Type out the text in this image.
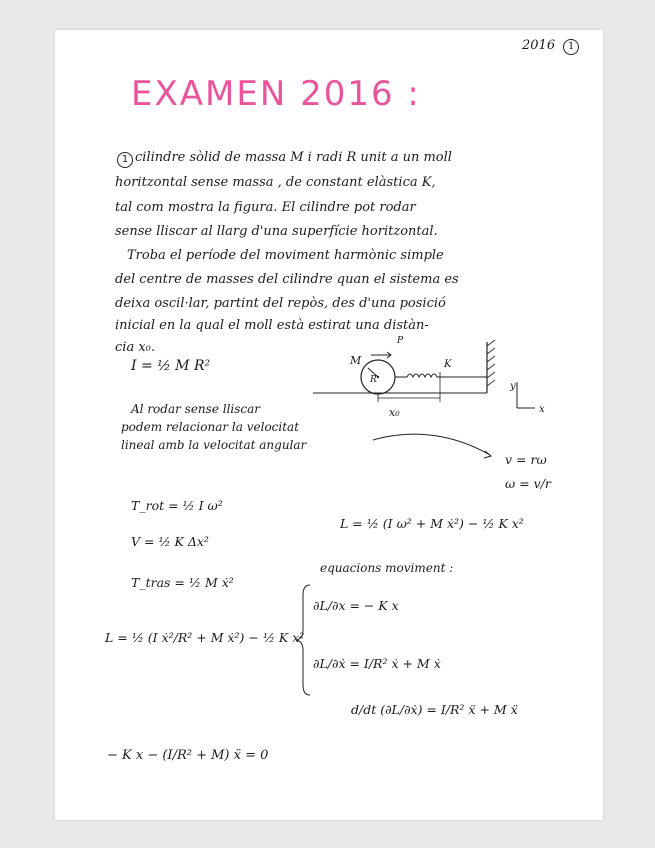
2016 1
EXAMEN 2016 :
1 cilindre sòlid de massa M i radi R unit a un moll
horitzontal sense massa , de constant elàstica K,
tal com mostra la figura. El cilindre pot rodar
sense lliscar al llarg d'una superfície horitzontal.
Troba el període del moviment harmònic simple
del centre de masses del cilindre quan el sistema es
deixa oscil·lar, partint del repòs, des d'una posició
inicial en la qual el moll està estirat una distàn-
cia x₀.
I = ½ M R²	M
R
P
K
x₀
y
x
Al rodar sense lliscar
podem relacionar la velocitat
lineal amb la velocitat angular
v = rω
ω = v/r
T_rot = ½ I ω²
L = ½ (I ω² + M ẋ²) − ½ K x²
V = ½ K Δx²
equacions moviment :
T_tras = ½ M ẋ²
L = ½ (I ẋ²/R² + M ẋ²) − ½ K x²
∂L/∂x = − K x
∂L/∂ẋ = I/R² ẋ + M ẋ
d/dt (∂L/∂ẋ) = I/R² ẍ + M ẍ
− K x − (I/R² + M) ẍ = 0
